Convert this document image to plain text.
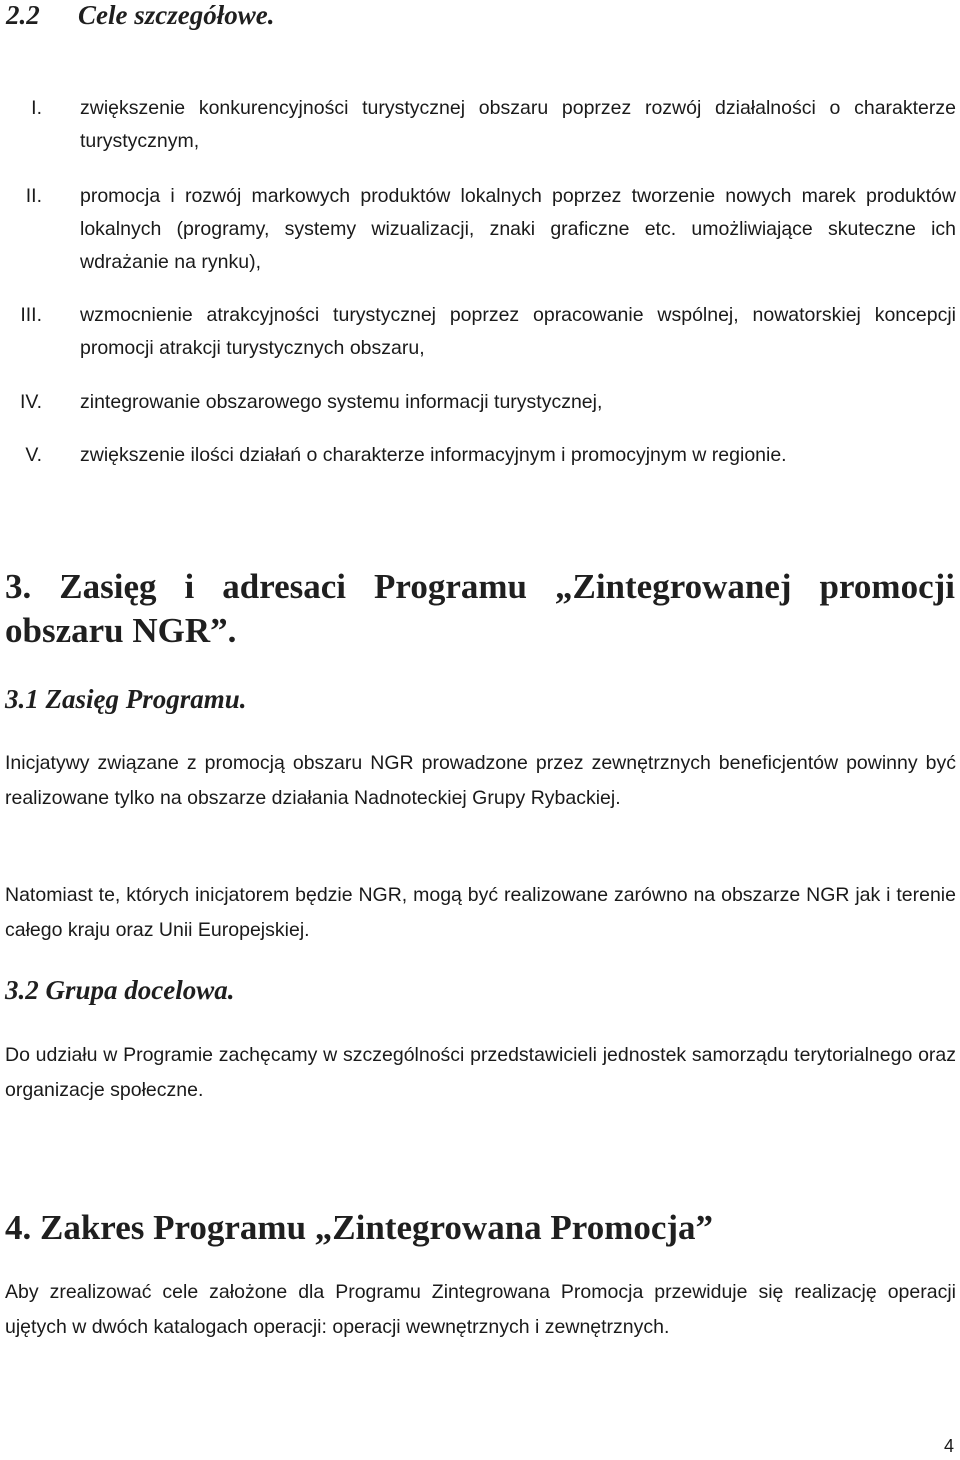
2.2 Cele szczegółowe.
I. zwiększenie konkurencyjności turystycznej obszaru poprzez rozwój działalności o charakterze turystycznym,
II. promocja i rozwój markowych produktów lokalnych poprzez tworzenie nowych marek produktów lokalnych (programy, systemy wizualizacji, znaki graficzne etc. umożliwiające skuteczne ich wdrażanie na rynku),
III. wzmocnienie atrakcyjności turystycznej poprzez opracowanie wspólnej, nowatorskiej koncepcji promocji atrakcji turystycznych obszaru,
IV. zintegrowanie obszarowego systemu informacji turystycznej,
V. zwiększenie ilości działań o charakterze informacyjnym i promocyjnym w regionie.
3. Zasięg i adresaci Programu „Zintegrowanej promocji obszaru NGR”.
3.1 Zasięg Programu.

Inicjatywy związane z promocją obszaru NGR prowadzone przez zewnętrznych beneficjentów powinny być realizowane tylko na obszarze działania Nadnoteckiej Grupy Rybackiej.

Natomiast te, których inicjatorem będzie NGR, mogą być realizowane zarówno na obszarze NGR jak i terenie całego kraju oraz Unii Europejskiej.

3.2 Grupa docelowa.

Do udziału w Programie zachęcamy w szczególności przedstawicieli jednostek samorządu terytorialnego oraz organizacje społeczne.

4. Zakres Programu „Zintegrowana Promocja”

Aby zrealizować cele założone dla Programu Zintegrowana Promocja przewiduje się realizację operacji ujętych w dwóch katalogach operacji: operacji wewnętrznych i zewnętrznych.

4
